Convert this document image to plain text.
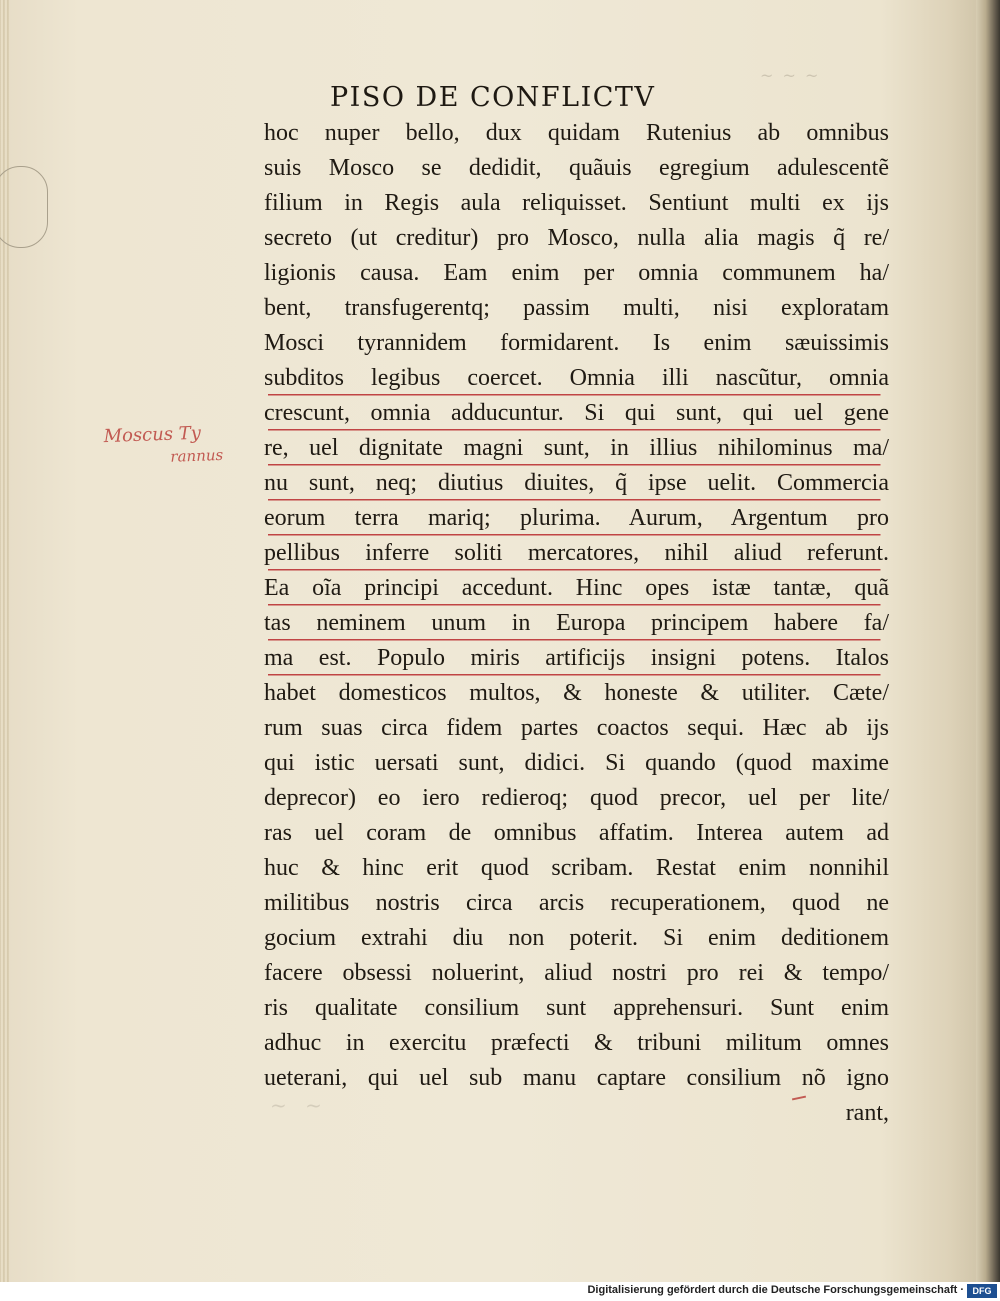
~ ~ ~
PISO DE CONFLICTV
Moscus Ty
rannus
hoc nuper bello, dux quidam Rutenius ab omnibus
suis Mosco se dedidit, quãuis egregium adulescentẽ
filium in Regis aula reliquisset. Sentiunt multi ex ijs
secreto (ut creditur) pro Mosco, nulla alia magis q̃ re/
ligionis causa. Eam enim per omnia communem ha/
bent, transfugerentq; passim multi, nisi exploratam
Mosci tyrannidem formidarent. Is enim sæuissimis
subditos legibus coercet. Omnia illi nascũtur, omnia
crescunt, omnia adducuntur. Si qui sunt, qui uel gene
re, uel dignitate magni sunt, in illius nihilominus ma/
nu sunt, neq; diutius diuites, q̃ ipse uelit. Commercia
eorum terra mariq; plurima. Aurum, Argentum pro
pellibus inferre soliti mercatores, nihil aliud referunt.
Ea oĩa principi accedunt. Hinc opes istæ tantæ, quã
tas neminem unum in Europa principem habere fa/
ma est. Populo miris artificijs insigni potens. Italos
habet domesticos multos, & honeste & utiliter. Cæte/
rum suas circa fidem partes coactos sequi. Hæc ab ijs
qui istic uersati sunt, didici. Si quando (quod maxime
deprecor) eo iero redieroq; quod precor, uel per lite/
ras uel coram de omnibus affatim. Interea autem ad
huc & hinc erit quod scribam. Restat enim nonnihil
militibus nostris circa arcis recuperationem, quod ne
gocium extrahi diu non poterit. Si enim deditionem
facere obsessi noluerint, aliud nostri pro rei & tempo/
ris qualitate consilium sunt apprehensuri. Sunt enim
adhuc in exercitu præfecti & tribuni militum omnes
ueterani, qui uel sub manu captare consilium nõ igno
rant,
~ ~
Digitalisierung gefördert durch die Deutsche Forschungsgemeinschaft · DFG
